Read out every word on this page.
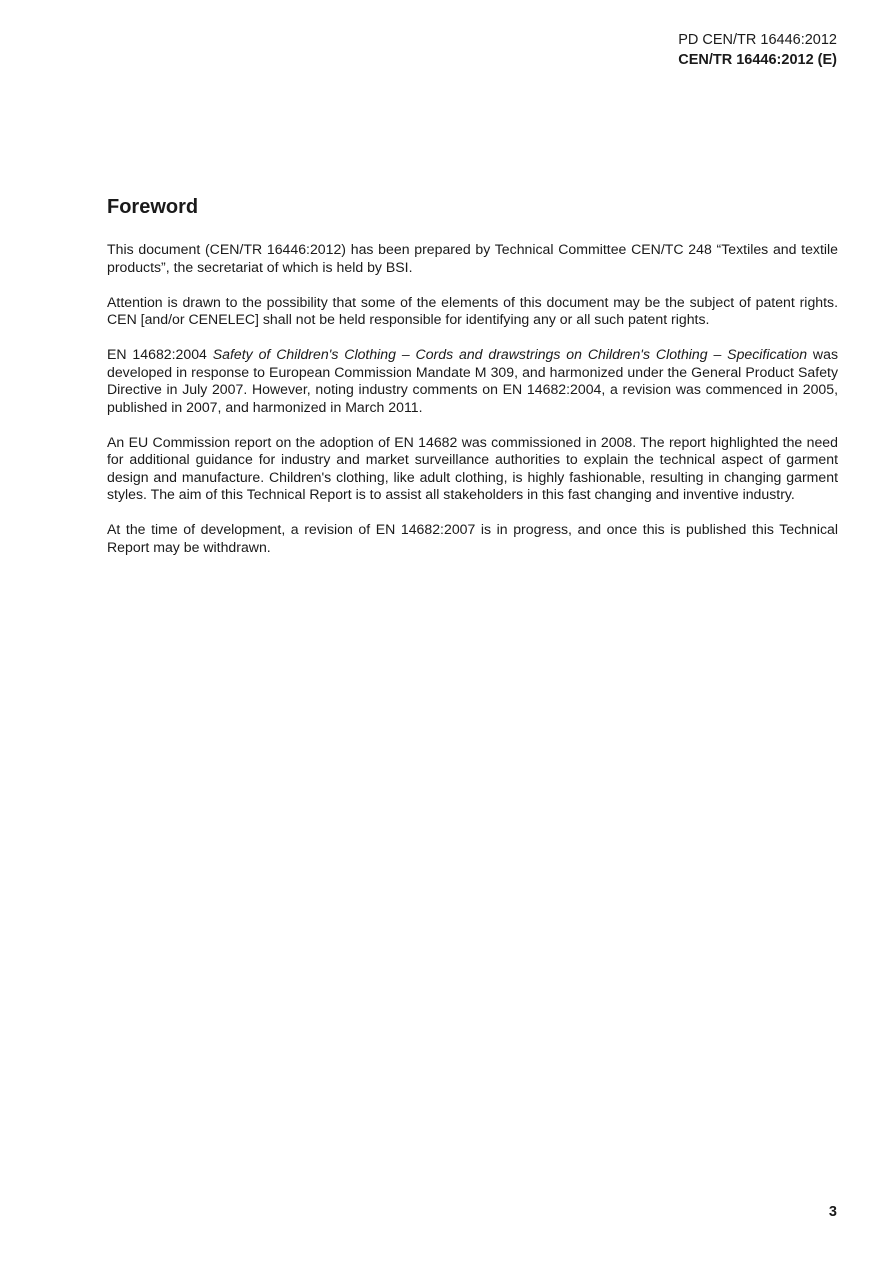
PD CEN/TR 16446:2012
CEN/TR 16446:2012 (E)
Foreword

This document (CEN/TR 16446:2012) has been prepared by Technical Committee CEN/TC 248 “Textiles and textile products”, the secretariat of which is held by BSI.

Attention is drawn to the possibility that some of the elements of this document may be the subject of patent rights. CEN [and/or CENELEC] shall not be held responsible for identifying any or all such patent rights.

EN 14682:2004 Safety of Children's Clothing – Cords and drawstrings on Children's Clothing – Specification was developed in response to European Commission Mandate M 309, and harmonized under the General Product Safety Directive in July 2007. However, noting industry comments on EN 14682:2004, a revision was commenced in 2005, published in 2007, and harmonized in March 2011.

An EU Commission report on the adoption of EN 14682 was commissioned in 2008. The report highlighted the need for additional guidance for industry and market surveillance authorities to explain the technical aspect of garment design and manufacture. Children's clothing, like adult clothing, is highly fashionable, resulting in changing garment styles. The aim of this Technical Report is to assist all stakeholders in this fast changing and inventive industry.

At the time of development, a revision of EN 14682:2007 is in progress, and once this is published this Technical Report may be withdrawn.

3
